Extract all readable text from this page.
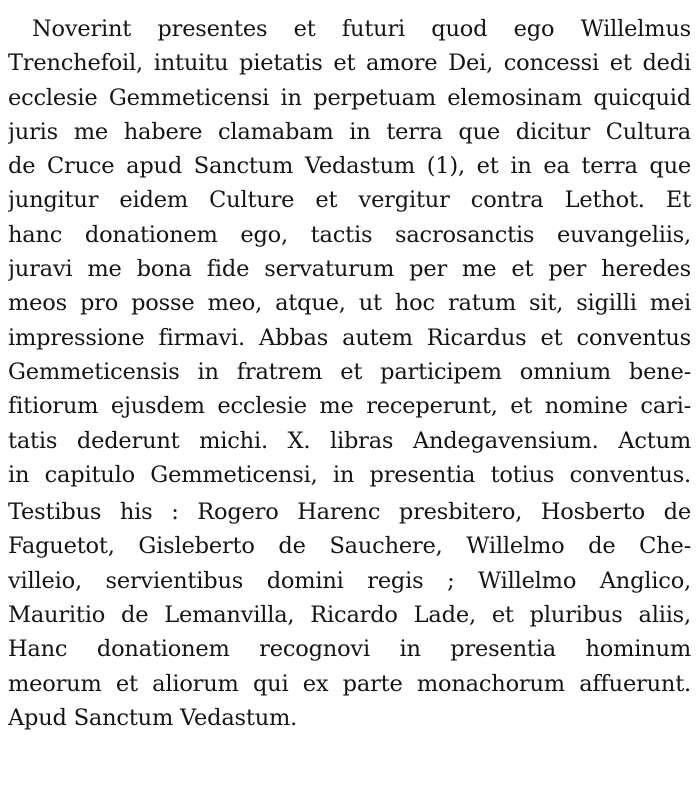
Noverint presentes et futuri quod ego Willelmus
Trenchefoil, intuitu pietatis et amore Dei, concessi et dedi
ecclesie Gemmeticensi in perpetuam elemosinam quicquid
juris me habere clamabam in terra que dicitur Cultura
de Cruce apud Sanctum Vedastum (1), et in ea terra que
jungitur eidem Culture et vergitur contra Lethot. Et
hanc donationem ego, tactis sacrosanctis euvangeliis,
juravi me bona fide servaturum per me et per heredes
meos pro posse meo, atque, ut hoc ratum sit, sigilli mei
impressione firmavi. Abbas autem Ricardus et conventus
Gemmeticensis in fratrem et participem omnium bene-
fitiorum ejusdem ecclesie me receperunt, et nomine cari-
tatis dederunt michi. X. libras Andegavensium. Actum
in capitulo Gemmeticensi, in presentia totius conventus.
Testibus his : Rogero Harenc presbitero, Hosberto de
Faguetot, Gisleberto de Sauchere, Willelmo de Che-
villeio, servientibus domini regis ; Willelmo Anglico,
Mauritio de Lemanvilla, Ricardo Lade, et pluribus aliis,
Hanc donationem recognovi in presentia hominum
meorum et aliorum qui ex parte monachorum affuerunt.
Apud Sanctum Vedastum.
